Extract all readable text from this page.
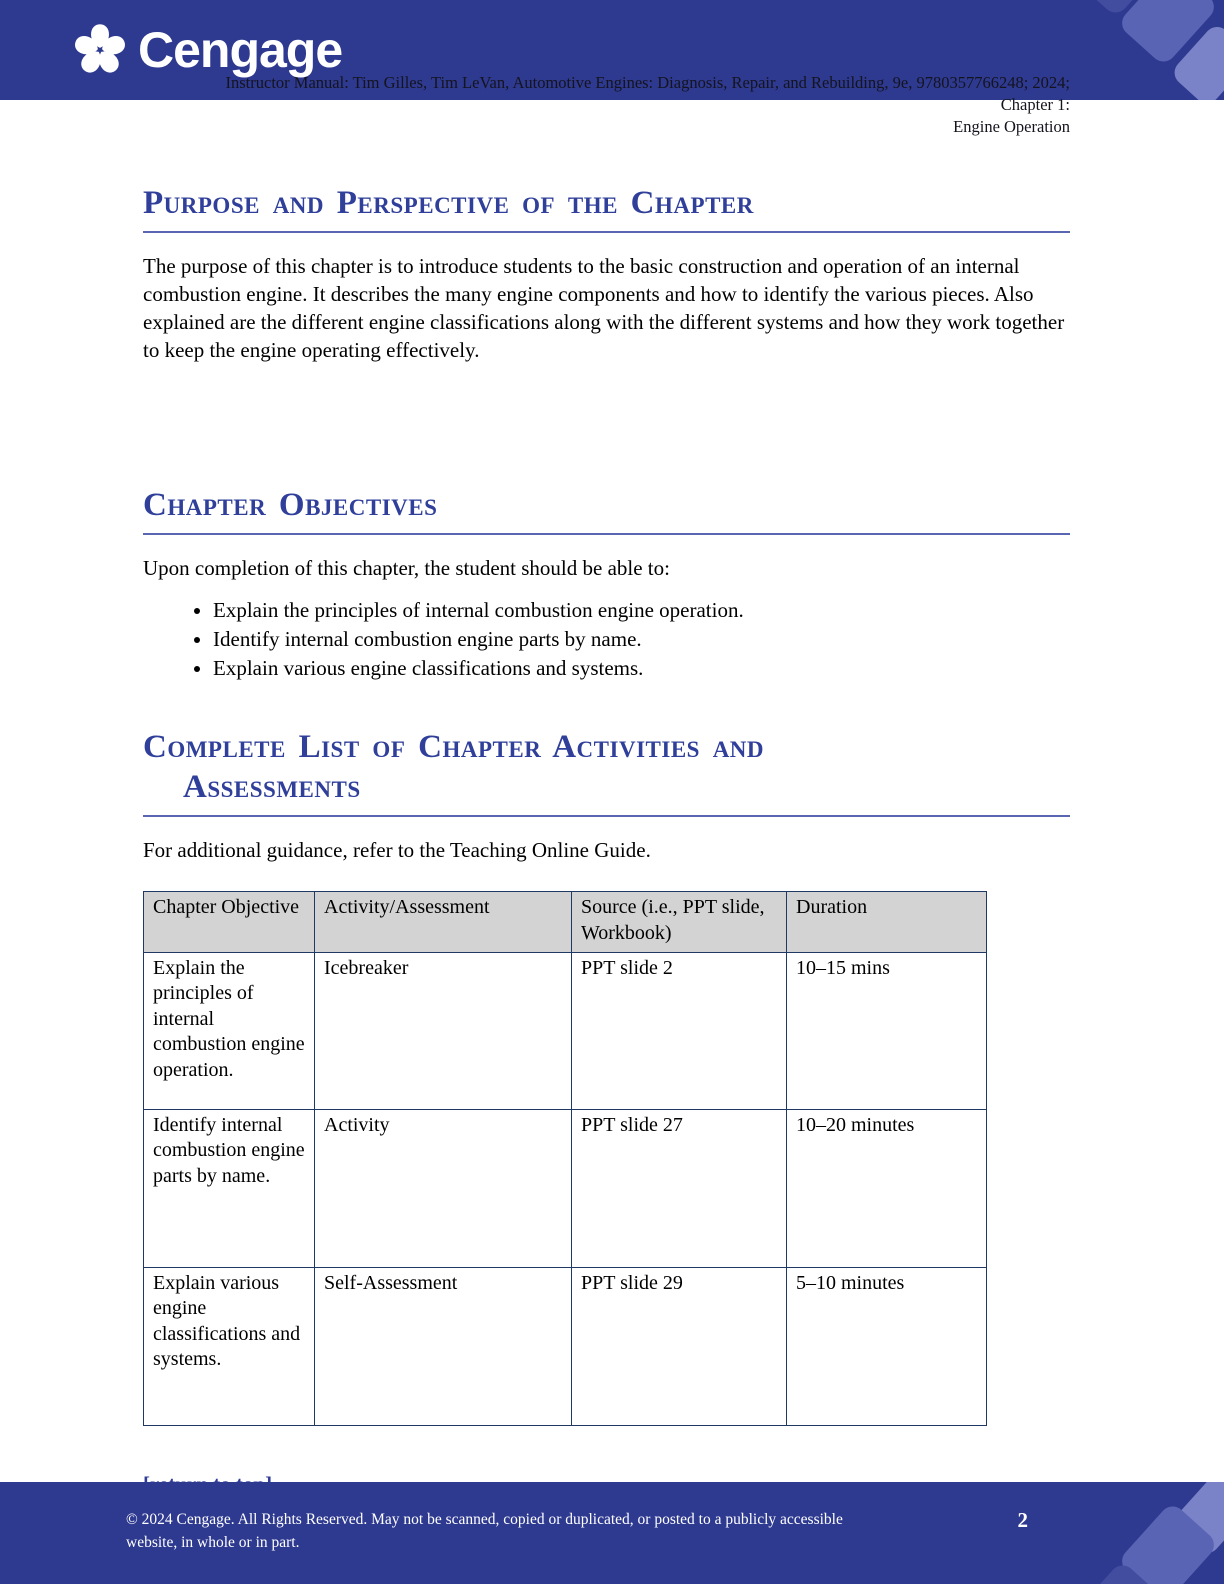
Cengage
Instructor Manual: Tim Gilles, Tim LeVan, Automotive Engines: Diagnosis, Repair, and Rebuilding, 9e, 9780357766248; 2024; Chapter 1:
Engine Operation
Purpose and Perspective of the Chapter

The purpose of this chapter is to introduce students to the basic construction and operation of an internal combustion engine. It describes the many engine components and how to identify the various pieces. Also explained are the different engine classifications along with the different systems and how they work together to keep the engine operating effectively.

Chapter Objectives

Upon completion of this chapter, the student should be able to:

• Explain the principles of internal combustion engine operation.
• Identify internal combustion engine parts by name.
• Explain various engine classifications and systems.
Complete List of Chapter Activities and
Assessments

For additional guidance, refer to the Teaching Online Guide.

Chapter Objective	Activity/Assessment	Source (i.e., PPT slide, Workbook)	Duration
Explain the principles of internal combustion engine operation.	Icebreaker	PPT slide 2	10–15 mins
Identify internal combustion engine parts by name.	Activity	PPT slide 27	10–20 minutes
Explain various engine classifications and systems.	Self-Assessment	PPT slide 29	5–10 minutes
© 2024 Cengage. All Rights Reserved. May not be scanned, copied or duplicated, or posted to a publicly accessible website, in whole or in part.
2
